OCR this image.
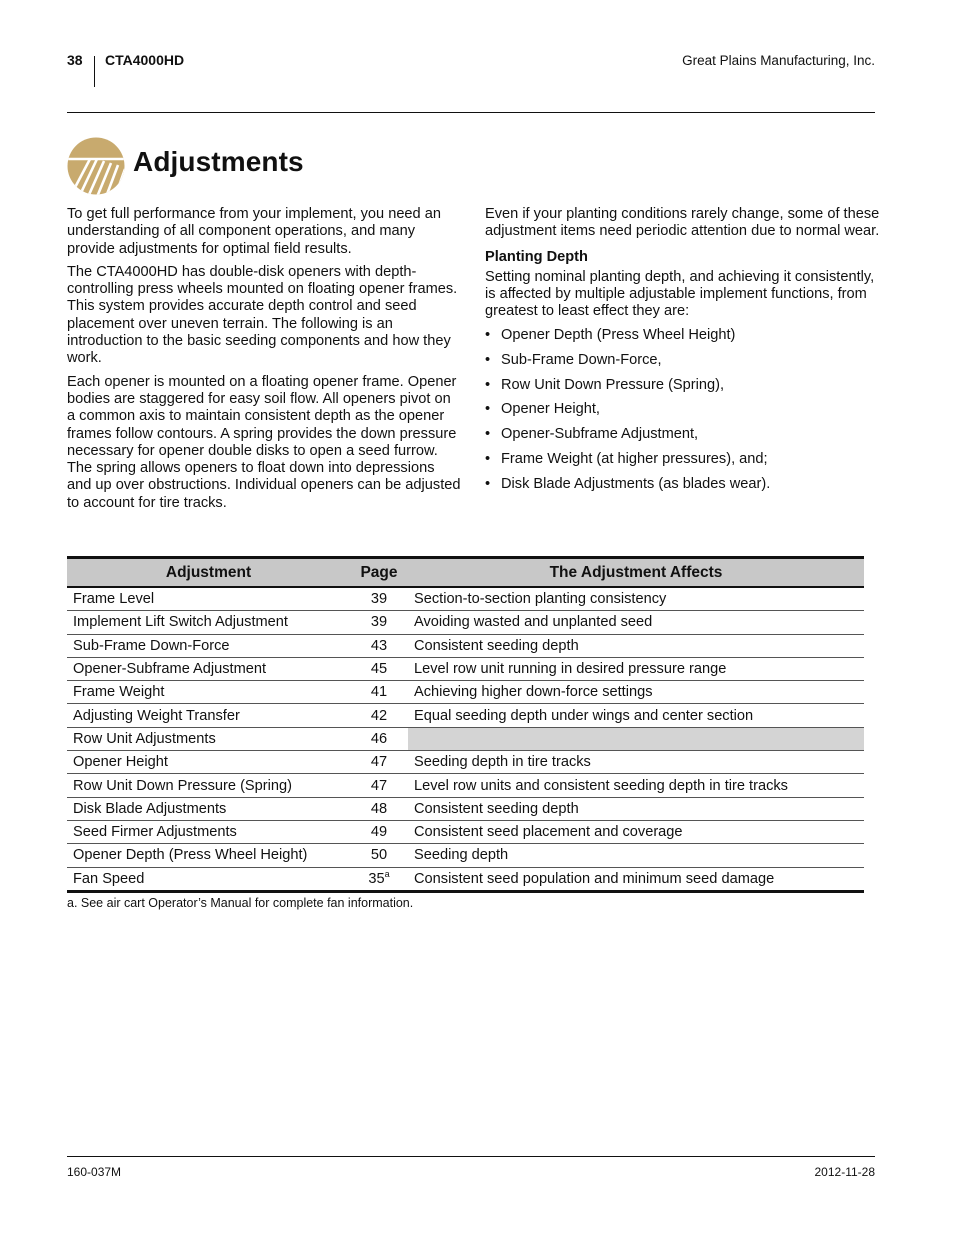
38 CTA4000HD	Great Plains Manufacturing, Inc.
Adjustments

To get full performance from your implement, you need an understanding of all component operations, and many provide adjustments for optimal field results.

The CTA4000HD has double-disk openers with depth-controlling press wheels mounted on floating opener frames. This system provides accurate depth control and seed placement over uneven terrain. The following is an introduction to the basic seeding components and how they work.

Each opener is mounted on a floating opener frame. Opener bodies are staggered for easy soil flow. All openers pivot on a common axis to maintain consistent depth as the opener frames follow contours. A spring provides the down pressure necessary for opener double disks to open a seed furrow. The spring allows openers to float down into depressions and up over obstructions. Individual openers can be adjusted to account for tire tracks.

Even if your planting conditions rarely change, some of these adjustment items need periodic attention due to normal wear.

Planting Depth

Setting nominal planting depth, and achieving it consistently, is affected by multiple adjustable implement functions, from greatest to least effect they are:

• Opener Depth (Press Wheel Height)
• Sub-Frame Down-Force,
• Row Unit Down Pressure (Spring),
• Opener Height,
• Opener-Subframe Adjustment,
• Frame Weight (at higher pressures), and;
• Disk Blade Adjustments (as blades wear).
Adjustment	Page	The Adjustment Affects
Frame Level	39	Section-to-section planting consistency
Implement Lift Switch Adjustment	39	Avoiding wasted and unplanted seed
Sub-Frame Down-Force	43	Consistent seeding depth
Opener-Subframe Adjustment	45	Level row unit running in desired pressure range
Frame Weight	41	Achieving higher down-force settings
Adjusting Weight Transfer	42	Equal seeding depth under wings and center section
Row Unit Adjustments	46	
Opener Height	47	Seeding depth in tire tracks
Row Unit Down Pressure (Spring)	47	Level row units and consistent seeding depth in tire tracks
Disk Blade Adjustments	48	Consistent seeding depth
Seed Firmer Adjustments	49	Consistent seed placement and coverage
Opener Depth (Press Wheel Height)	50	Seeding depth
Fan Speed	35$^a$	Consistent seed population and minimum seed damage
a. See air cart Operator’s Manual for complete fan information.
160-037M	2012-11-28
